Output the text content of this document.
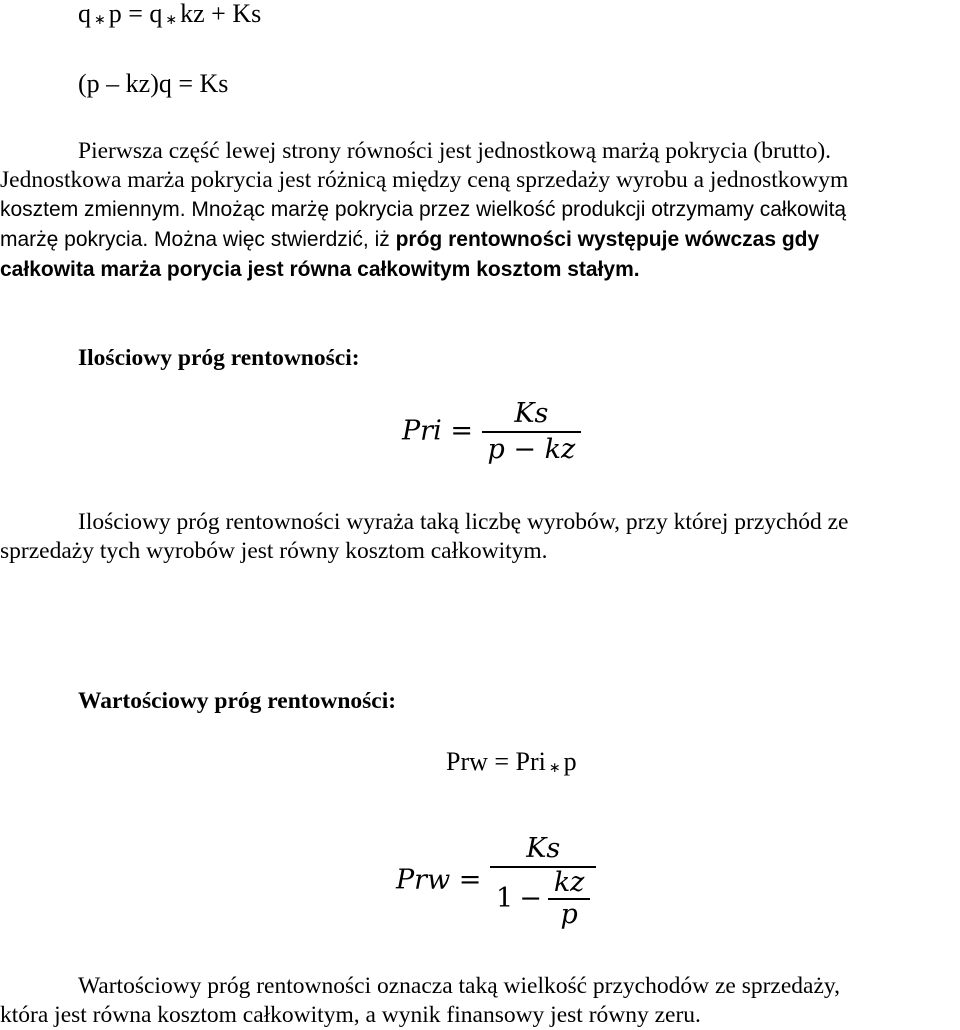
q ∗ p = q ∗ kz + Ks
(p – kz)q = Ks
Pierwsza część lewej strony równości jest jednostkową marżą pokrycia (brutto).
Jednostkowa marża pokrycia jest różnicą między ceną sprzedaży wyrobu a jednostkowym
kosztem zmiennym. Mnożąc marżę pokrycia przez wielkość produkcji otrzymamy całkowitą
marżę pokrycia. Można więc stwierdzić, iż próg rentowności występuje wówczas gdy
całkowita marża porycia jest równa całkowitym kosztom stałym.
Ilościowy próg rentowności:
Pri = $\frac{Ks}{p - kz}$
Ilościowy próg rentowności wyraża taką liczbę wyrobów, przy której przychód ze
sprzedaży tych wyrobów jest równy kosztom całkowitym.
Wartościowy próg rentowności:
Prw = Pri ∗ p
Prw = $\frac{Ks}{1 - \frac{kz}{p}}$
Wartościowy próg rentowności oznacza taką wielkość przychodów ze sprzedaży,
która jest równa kosztom całkowitym, a wynik finansowy jest równy zeru.
